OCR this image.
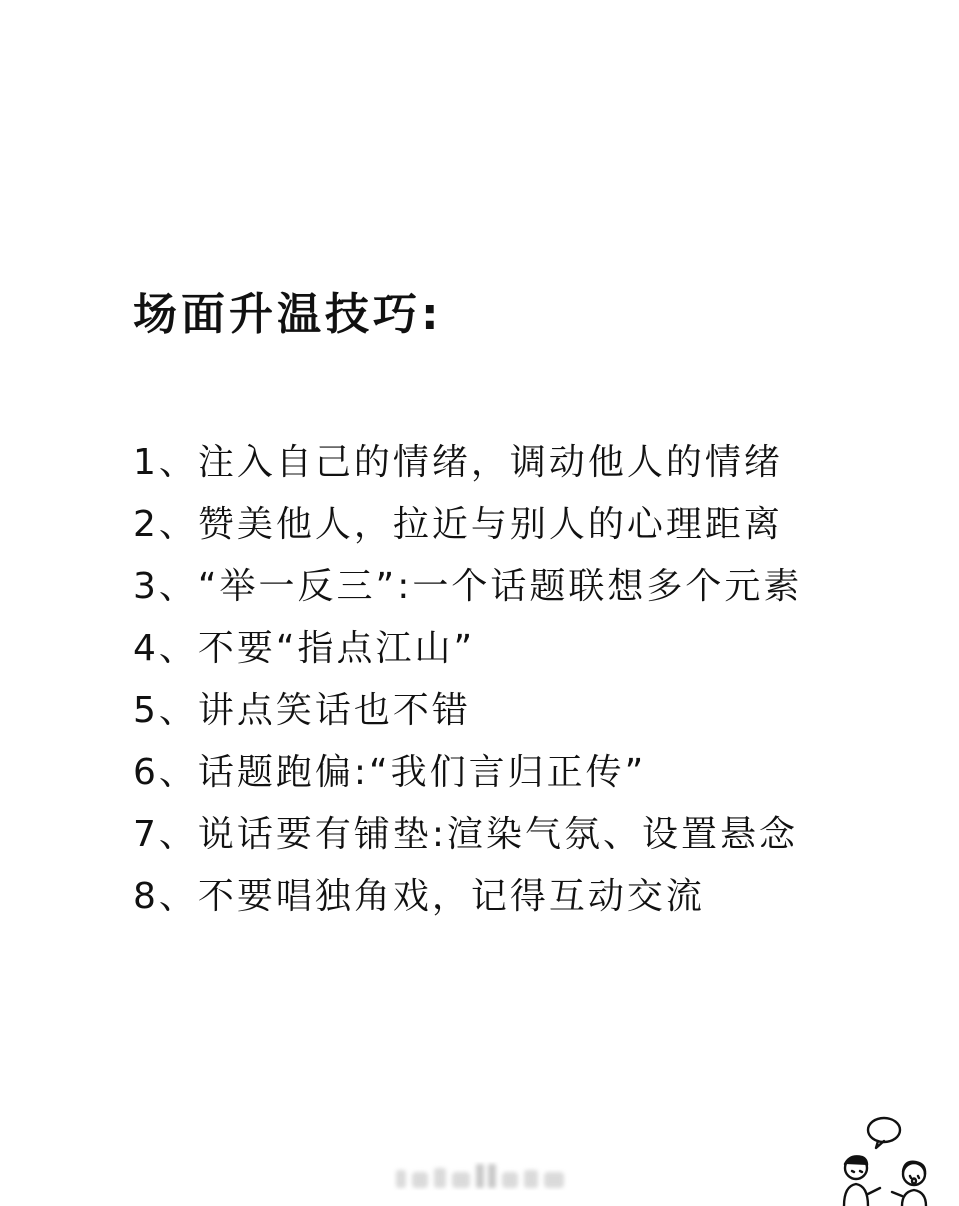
场面升温技巧:
1、注入自己的情绪，调动他人的情绪
2、赞美他人，拉近与别人的心理距离
3、“举一反三”:一个话题联想多个元素
4、不要“指点江山”
5、讲点笑话也不错
6、话题跑偏:“我们言归正传”
7、说话要有铺垫:渲染气氛、设置悬念
8、不要唱独角戏，记得互动交流
